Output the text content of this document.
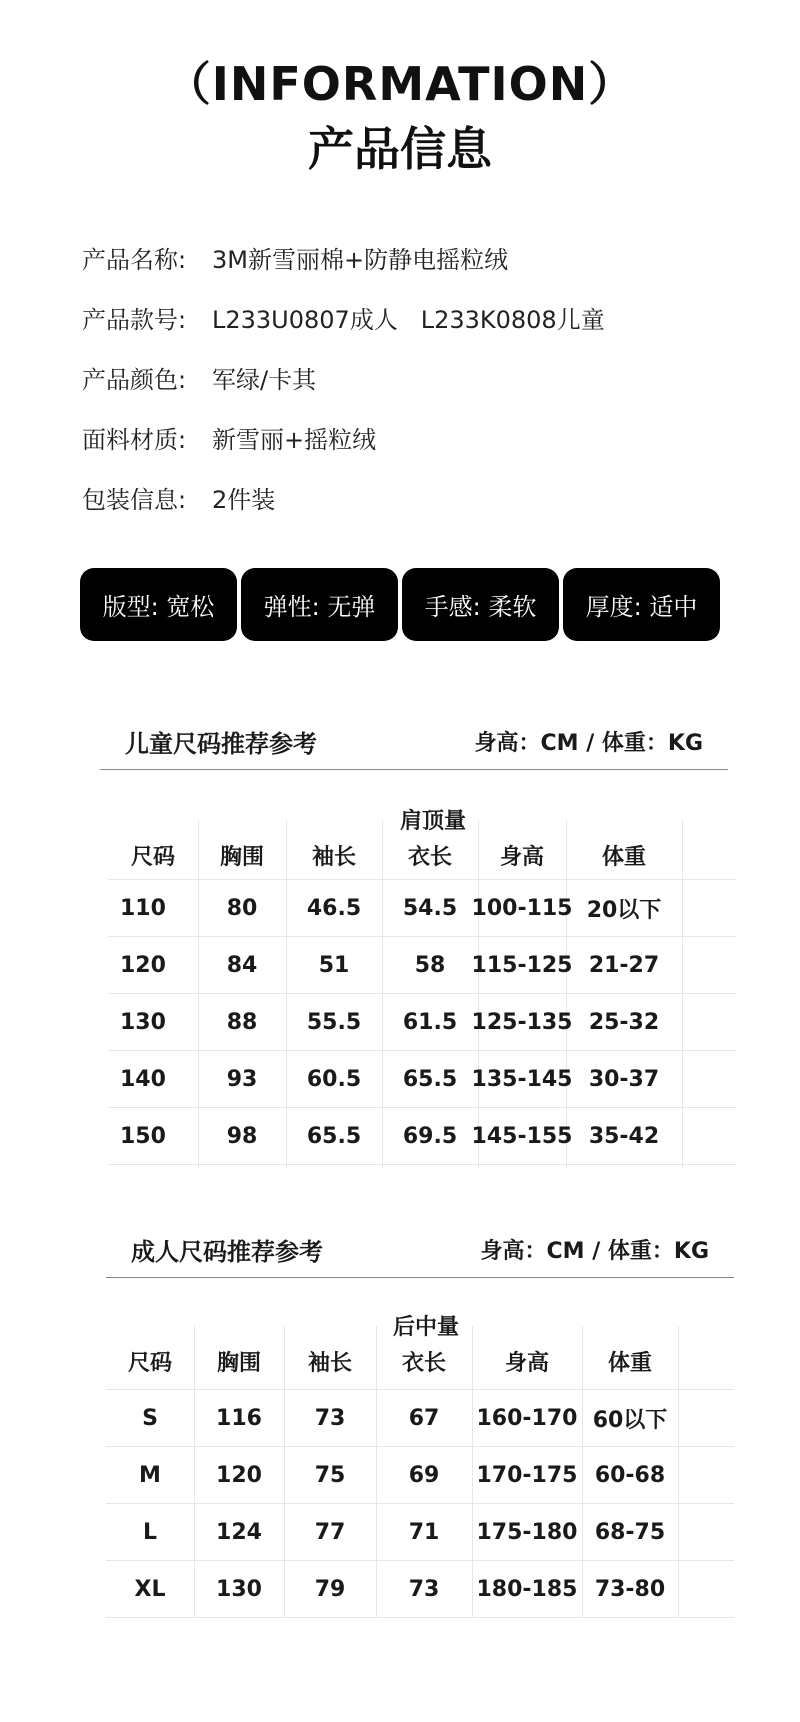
（INFORMATION）
产品信息
产品名称:	3M新雪丽棉+防静电摇粒绒
产品款号:	L233U0807成人   L233K0808儿童
产品颜色:	军绿/卡其
面料材质:	新雪丽+摇粒绒
包装信息:	2件装
版型: 宽松	弹性: 无弹	手感: 柔软	厚度: 适中
儿童尺码推荐参考	身高：CM / 体重：KG
肩顶量
尺码	胸围	袖长	衣长	身高	体重
110	80	46.5	54.5 100-115 20以下
120	84	51	58	115-125 21-27
130	88	55.5	61.5 125-135 25-32
140	93	60.5	65.5 135-145 30-37
150	98	65.5	69.5 145-155 35-42
成人尺码推荐参考	身高：CM / 体重：KG
后中量
尺码	胸围	袖长	衣长	身高	体重
S	116	73	67	160-170 60以下
M	120	75	69	170-175 60-68
L	124	77	71	175-180 68-75
XL	130	79	73	180-185 73-80
